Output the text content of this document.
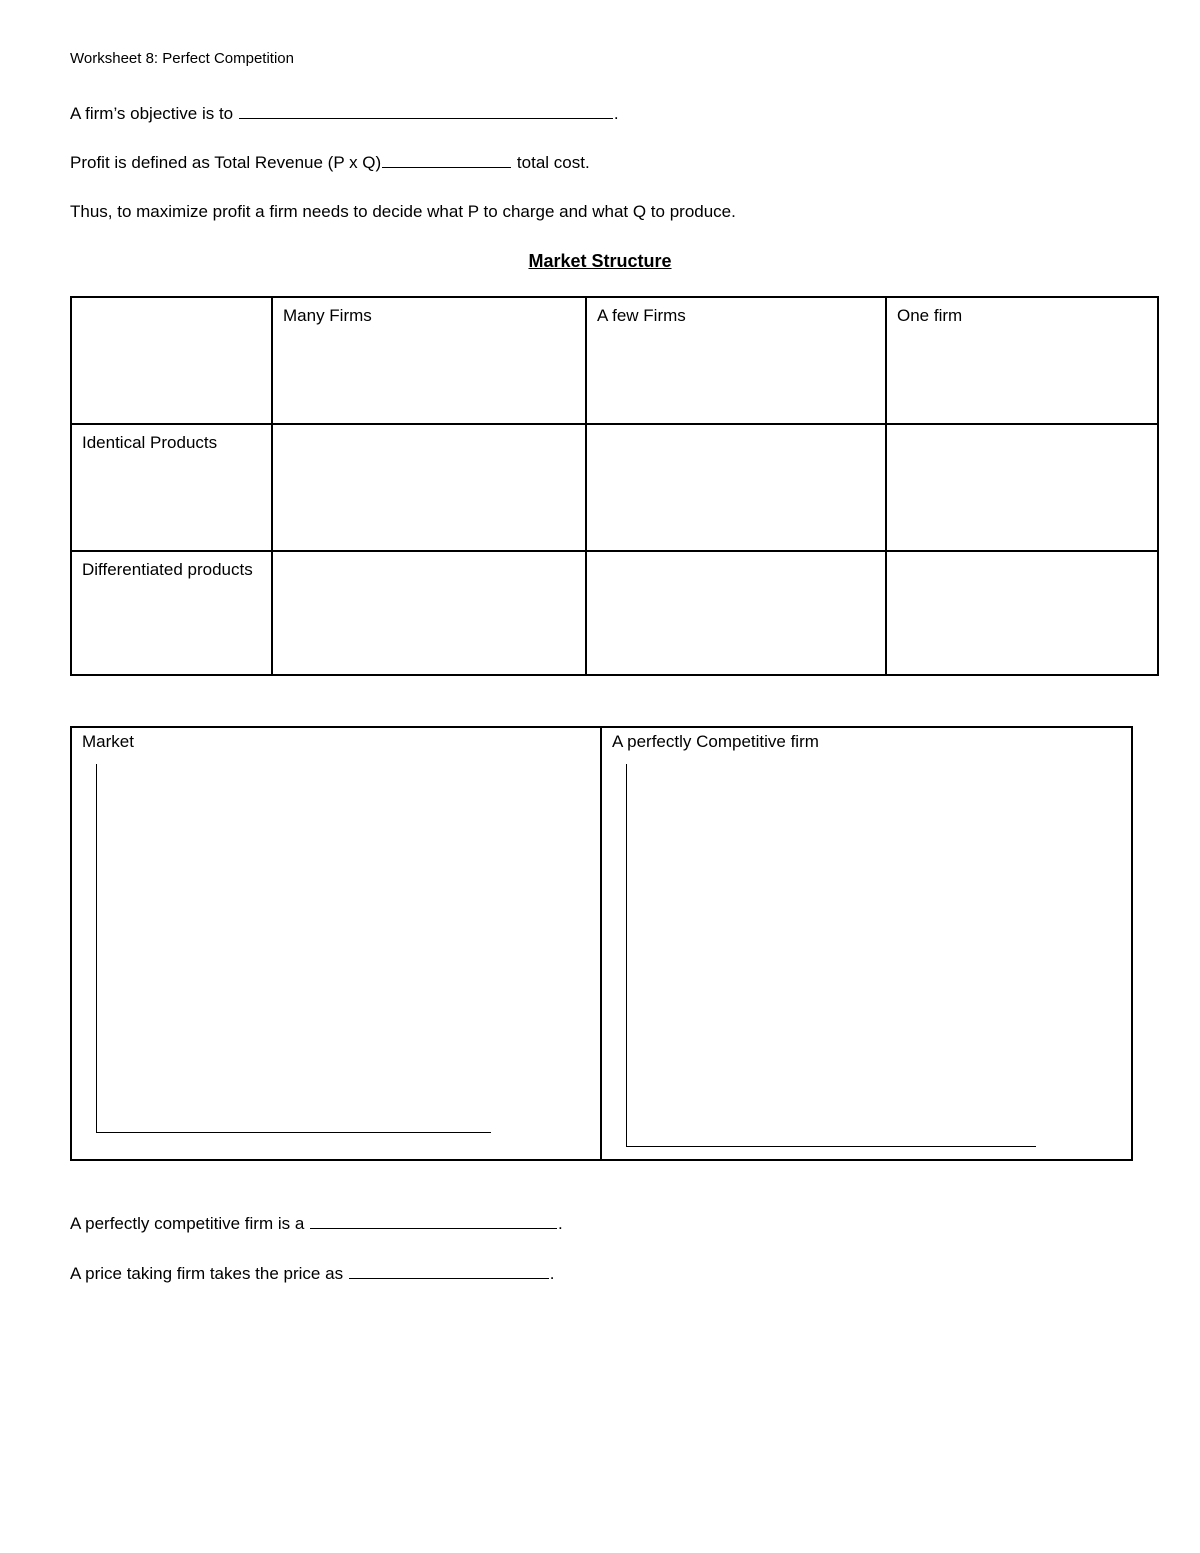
Worksheet 8: Perfect Competition
A firm’s objective is to	.
Profit is defined as Total Revenue (P x Q)	total cost.
Thus, to maximize profit a firm needs to decide what P to charge and what Q to produce.
Market Structure
	Many Firms	A few Firms	One firm
Identical Products			
Differentiated products			
Market	A perfectly Competitive firm
A perfectly competitive firm is a	.
A price taking firm takes the price as	.
